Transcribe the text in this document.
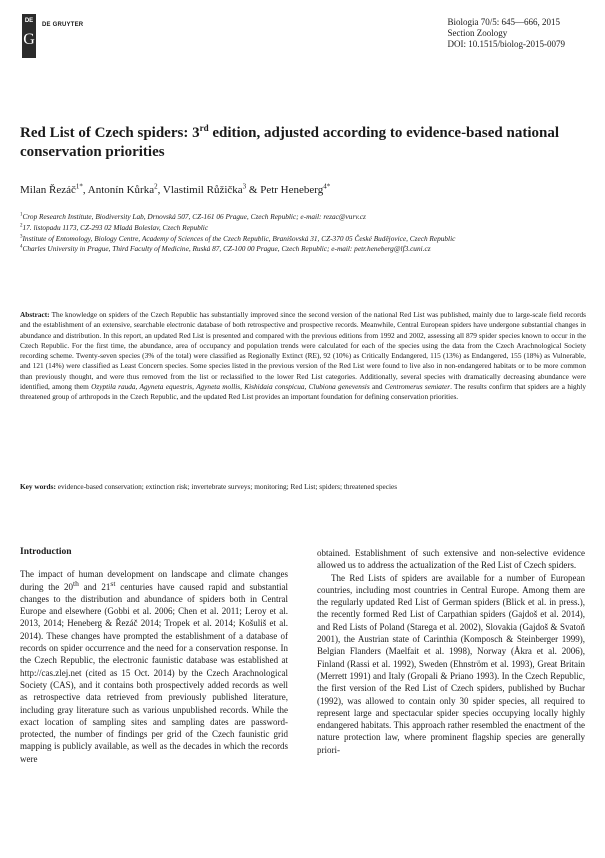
DE
G
DE GRUYTER	Biologia 70/5: 645—666, 2015
Section Zoology
DOI: 10.1515/biolog-2015-0079
Red List of Czech spiders: 3rd edition, adjusted according to evidence-based national conservation priorities
Milan Řezáč$^{1*}$, Antonín Kůrka$^2$, Vlastimil Růžička$^3$ & Petr Heneberg$^{4*}$
$^1$Crop Research Institute, Biodiversity Lab, Drnovská 507, CZ-161 06 Prague, Czech Republic; e-mail: rezac@vurv.cz
$^2$17. listopadu 1173, CZ-293 02 Mladá Boleslav, Czech Republic
$^3$Institute of Entomology, Biology Centre, Academy of Sciences of the Czech Republic, Branišovská 31, CZ-370 05 České Budějovice, Czech Republic
$^4$Charles University in Prague, Third Faculty of Medicine, Ruská 87, CZ-100 00 Prague, Czech Republic; e-mail: petr.heneberg@lf3.cuni.cz
Abstract: The knowledge on spiders of the Czech Republic has substantially improved since the second version of the national Red List was published, mainly due to large-scale field records and the establishment of an extensive, searchable electronic database of both retrospective and prospective records. Meanwhile, Central European spiders have undergone substantial changes in abundance and distribution. In this report, an updated Red List is presented and compared with the previous editions from 1992 and 2002, assessing all 879 spider species known to occur in the Czech Republic. For the first time, the abundance, area of occupancy and population trends were calculated for each of the species using the data from the Czech Arachnological Society recording scheme. Twenty-seven species (3% of the total) were classified as Regionally Extinct (RE), 92 (10%) as Critically Endangered, 115 (13%) as Endangered, 155 (18%) as Vulnerable, and 121 (14%) were classified as Least Concern species. Some species listed in the previous version of the Red List were found to live also in non-endangered habitats or to be more common than previously thought, and were thus removed from the list or reclassified to the lower Red List categories. Additionally, several species with dramatically decreasing abundance were identified, among them Ozyptila rauda, Agyneta equestris, Agyneta mollis, Kishidaia conspicua, Clubiona genevensis and Centromerus semiater. The results confirm that spiders are a highly threatened group of arthropods in the Czech Republic, and the updated Red List provides an important foundation for defining conservation priorities.
Key words: evidence-based conservation; extinction risk; invertebrate surveys; monitoring; Red List; spiders; threatened species
Introduction

The impact of human development on landscape and climate changes during the 20th and 21st centuries have caused rapid and substantial changes to the distribution and abundance of spiders both in Central Europe and elsewhere (Gobbi et al. 2006; Chen et al. 2011; Leroy et al. 2013, 2014; Heneberg & Řezáč 2014; Tropek et al. 2014; Košuliš et al. 2014). These changes have prompted the establishment of a database of records on spider occurrence and the need for a conservation response. In the Czech Republic, the electronic faunistic database was established at http://cas.zlej.net (cited as 15 Oct. 2014) by the Czech Arachnological Society (CAS), and it contains both prospectively added records as well as retrospective data retrieved from previously published literature, including gray literature such as various unpublished records. While the exact location of sampling sites and sampling dates are password-protected, the number of findings per grid of the Czech faunistic grid mapping is publicly available, as well as the decades in which the records were

obtained. Establishment of such extensive and non-selective evidence allowed us to address the actualization of the Red List of Czech spiders.

The Red Lists of spiders are available for a number of European countries, including most countries in Central Europe. Among them are the regularly updated Red List of German spiders (Blick et al. in press.), the recently formed Red List of Carpathian spiders (Gajdoš et al. 2014), and Red Lists of Poland (Starega et al. 2002), Slovakia (Gajdoš & Svatoň 2001), the Austrian state of Carinthia (Komposch & Steinberger 1999), Belgian Flanders (Maelfait et al. 1998), Norway (Åkra et al. 2006), Finland (Rassi et al. 1992), Sweden (Ehnström et al. 1993), Great Britain (Merrett 1991) and Italy (Gropali & Priano 1993). In the Czech Republic, the first version of the Red List of Czech spiders, published by Buchar (1992), was allowed to contain only 30 spider species, all required to represent large and spectacular spider species occupying locally highly endangered habitats. This approach rather resembled the enactment of the nature protection law, where prominent flagship species are generally priori-
